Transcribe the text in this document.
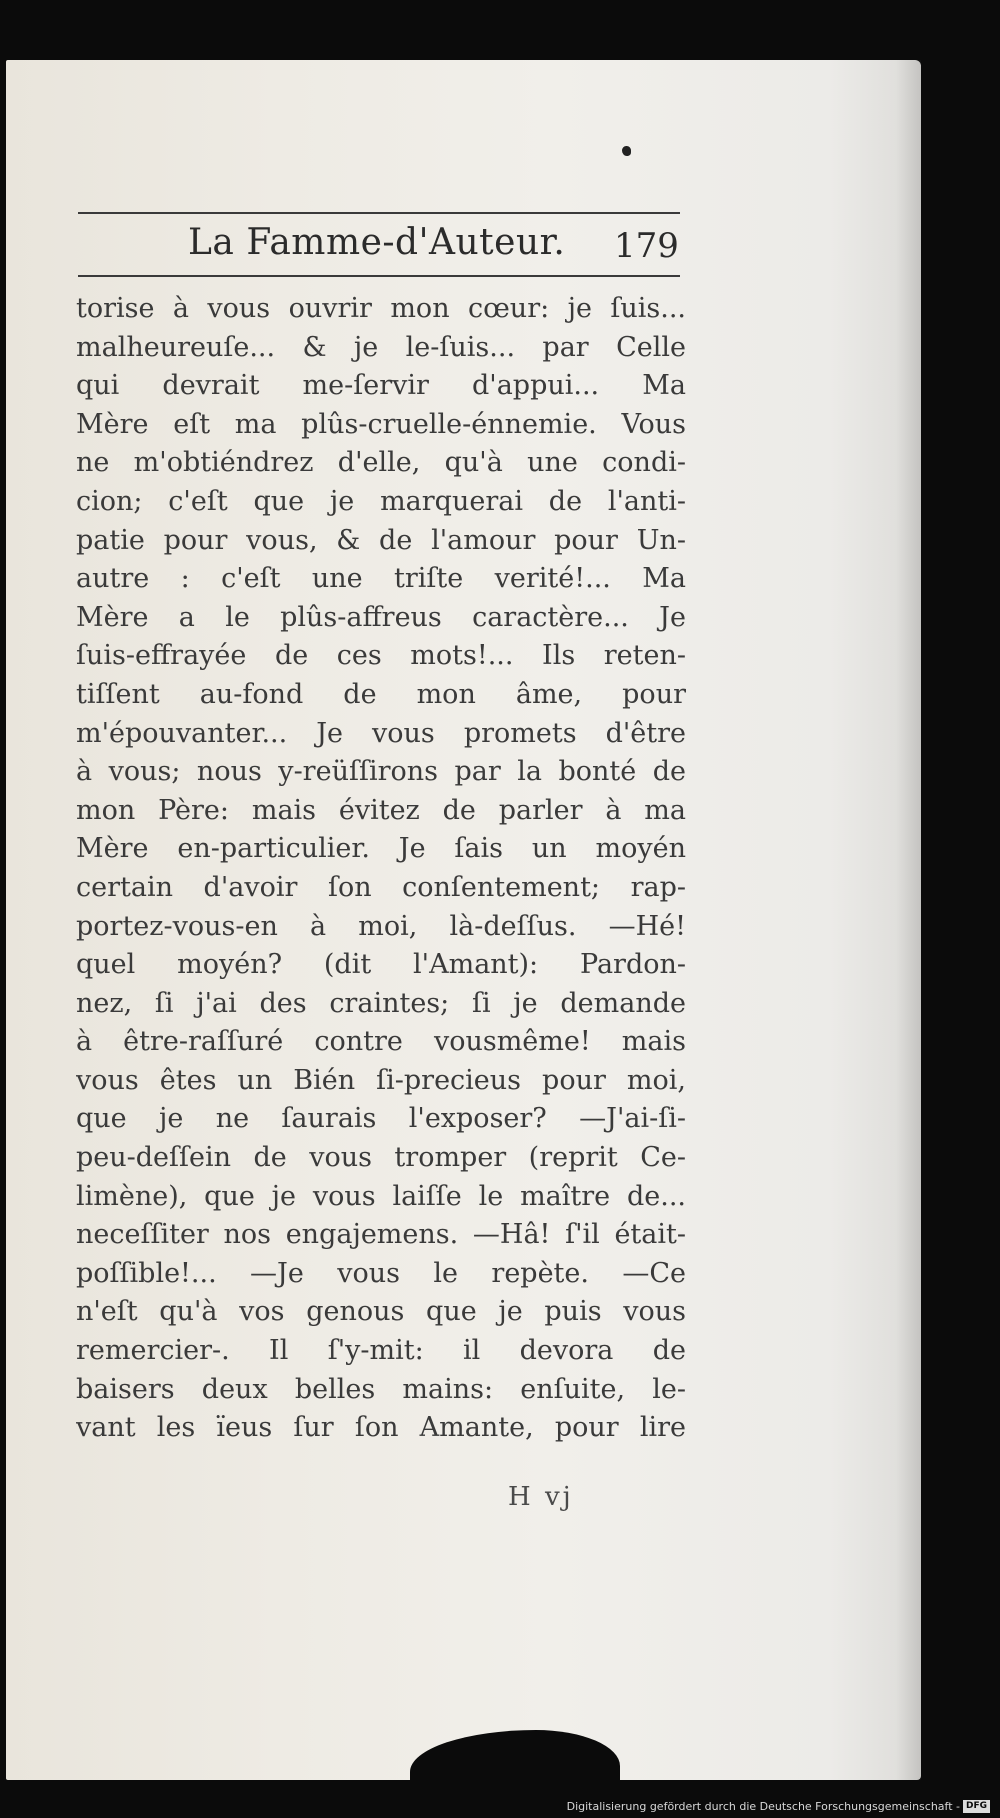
La Famme-d'Auteur. 179
torise à vous ouvrir mon cœur: je ſuis...
malheureuſe... & je le-ſuis... par Celle
qui devrait me-ſervir d'appui... Ma
Mère eſt ma plûs-cruelle-énnemie. Vous
ne m'obtiéndrez d'elle, qu'à une condi-
cion; c'eſt que je marquerai de l'anti-
patie pour vous, & de l'amour pour Un-
autre : c'eſt une triſte verité!... Ma
Mère a le plûs-affreus caractère... Je
ſuis-effrayée de ces mots!... Ils reten-
tiſſent au-fond de mon âme, pour
m'épouvanter... Je vous promets d'être
à vous; nous y-reüſſirons par la bonté de
mon Père: mais évitez de parler à ma
Mère en-particulier. Je ſais un moyén
certain d'avoir ſon conſentement; rap-
portez-vous-en à moi, là-deſſus. —Hé!
quel moyén? (dit l'Amant): Pardon-
nez, ſi j'ai des craintes; ſi je demande
à être-raſſuré contre vousmême! mais
vous êtes un Bién ſi-precieus pour moi,
que je ne ſaurais l'exposer? —J'ai-ſi-
peu-deſſein de vous tromper (reprit Ce-
limène), que je vous laiſſe le maître de...
neceſſiter nos engajemens. —Hâ! ſ'il était-
poſſible!... —Je vous le repète. —Ce
n'eſt qu'à vos genous que je puis vous
remercier-. Il ſ'y-mit: il devora de
baisers deux belles mains: enſuite, le-
vant les ïeus ſur ſon Amante, pour lire
H vj
Digitalisierung gefördert durch die Deutsche Forschungsgemeinschaft - DFG
